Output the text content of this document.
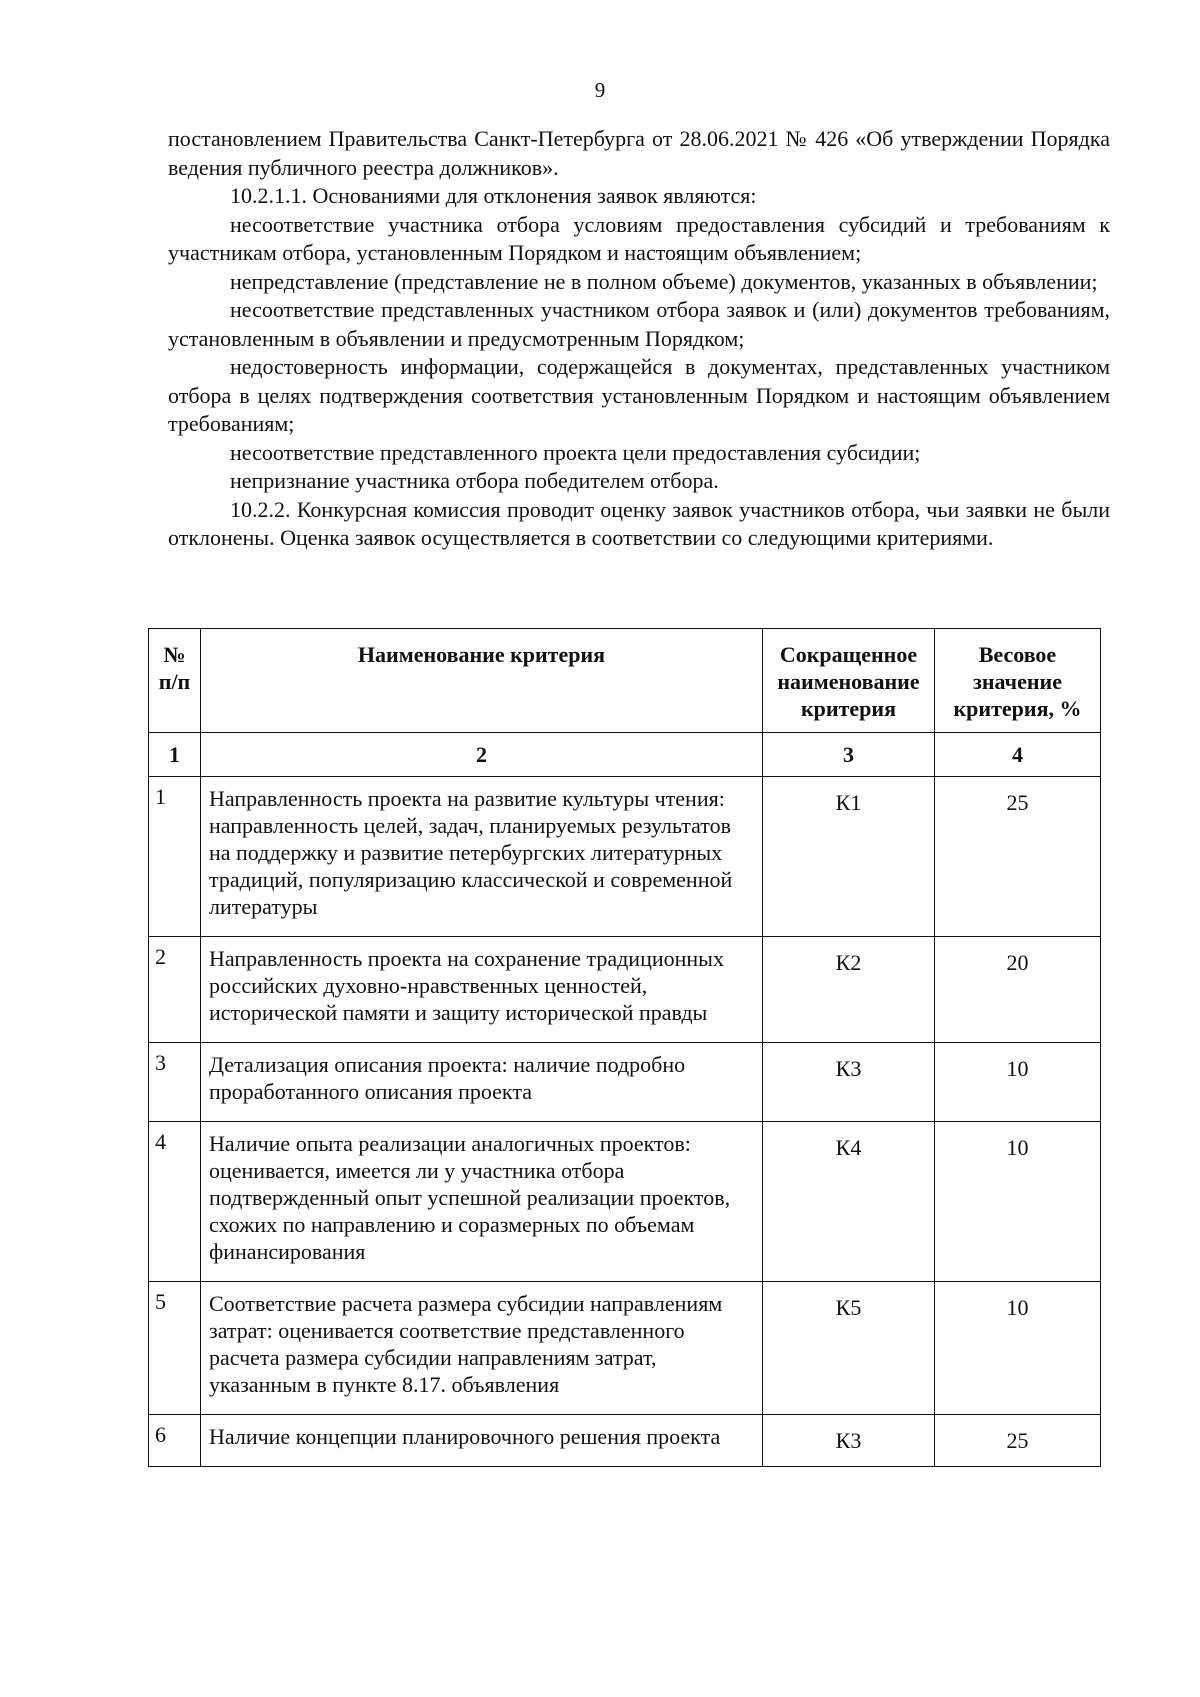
9

постановлением Правительства Санкт-Петербурга от 28.06.2021 № 426 «Об утверждении Порядка ведения публичного реестра должников».

10.2.1.1. Основаниями для отклонения заявок являются:

несоответствие участника отбора условиям предоставления субсидий и требованиям к участникам отбора, установленным Порядком и настоящим объявлением;

непредставление (представление не в полном объеме) документов, указанных в объявлении;

несоответствие представленных участником отбора заявок и (или) документов требованиям, установленным в объявлении и предусмотренным Порядком;

недостоверность информации, содержащейся в документах, представленных участником отбора в целях подтверждения соответствия установленным Порядком и настоящим объявлением требованиям;

несоответствие представленного проекта цели предоставления субсидии;

непризнание участника отбора победителем отбора.

10.2.2. Конкурсная комиссия проводит оценку заявок участников отбора, чьи заявки не были отклонены. Оценка заявок осуществляется в соответствии со следующими критериями.

№ п/п	Наименование критерия	Сокращенное наименование критерия	Весовое значение критерия, %
1	2	3	4
1	Направленность проекта на развитие культуры чтения: направленность целей, задач, планируемых результатов на поддержку и развитие петербургских литературных традиций, популяризацию классической и современной литературы	К1	25
2	Направленность проекта на сохранение традиционных российских духовно-нравственных ценностей, исторической памяти и защиту исторической правды	К2	20
3	Детализация описания проекта: наличие подробно проработанного описания проекта	К3	10
4	Наличие опыта реализации аналогичных проектов: оценивается, имеется ли у участника отбора подтвержденный опыт успешной реализации проектов, схожих по направлению и соразмерных по объемам финансирования	К4	10
5	Соответствие расчета размера субсидии направлениям затрат: оценивается соответствие представленного расчета размера субсидии направлениям затрат, указанным в пункте 8.17. объявления	К5	10
6	Наличие концепции планировочного решения проекта	К3	25
